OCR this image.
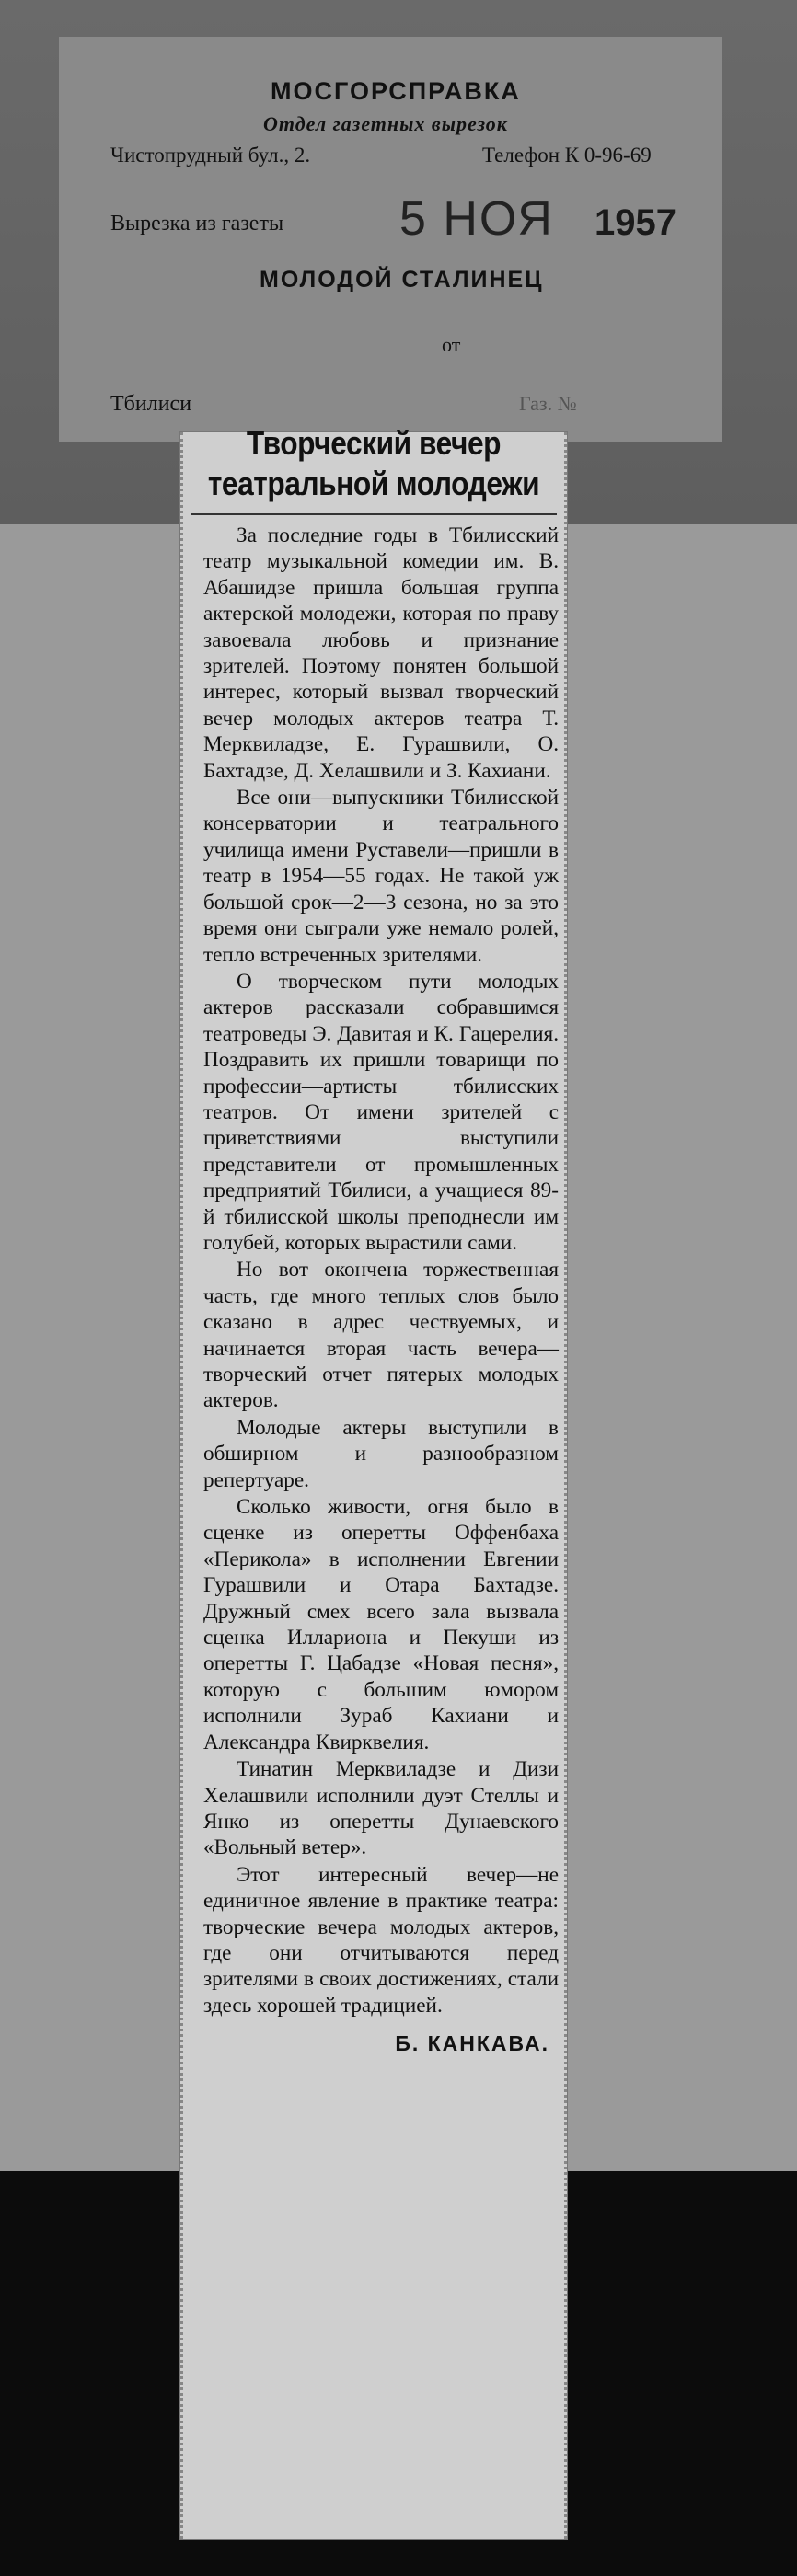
МОСГОРСПРАВКА
Отдел газетных вырезок
Чистопрудный бул., 2.	Телефон К 0-96-69
Вырезка из газеты 5 НОЯ 1957
МОЛОДОЙ СТАЛИНЕЦ
от
Тбилиси	Газ. №
Творческий вечер
театральной молодежи

За последние годы в Тбилисский театр музыкальной комедии им. В. Абашидзе пришла большая группа актерской молодежи, которая по праву завоевала любовь и признание зрителей. Поэтому понятен большой интерес, который вызвал творческий вечер молодых актеров театра Т. Мерквиладзе, Е. Гурашвили, О. Бахтадзе, Д. Хелашвили и З. Кахиани.

Все они—выпускники Тбилисской консерватории и театрального училища имени Руставели—пришли в театр в 1954—55 годах. Не такой уж большой срок—2—3 сезона, но за это время они сыграли уже немало ролей, тепло встреченных зрителями.

О творческом пути молодых актеров рассказали собравшимся театроведы Э. Давитая и К. Гацерелия. Поздравить их пришли товарищи по профессии—артисты тбилисских театров. От имени зрителей с приветствиями выступили представители от промышленных предприятий Тбилиси, а учащиеся 89-й тбилисской школы преподнесли им голубей, которых вырастили сами.

Но вот окончена торжественная часть, где много теплых слов было сказано в адрес чествуемых, и начинается вторая часть вечера—творческий отчет пятерых молодых актеров.

Молодые актеры выступили в обширном и разнообразном репертуаре.

Сколько живости, огня было в сценке из оперетты Оффенбаха «Перикола» в исполнении Евгении Гурашвили и Отара Бахтадзе. Дружный смех всего зала вызвала сценка Иллариона и Пекуши из оперетты Г. Цабадзе «Новая песня», которую с большим юмором исполнили Зураб Кахиани и Александра Квирквелия.

Тинатин Мерквиладзе и Дизи Хелашвили исполнили дуэт Стеллы и Янко из оперетты Дунаевского «Вольный ветер».

Этот интересный вечер—не единичное явление в практике театра: творческие вечера молодых актеров, где они отчитываются перед зрителями в своих достижениях, стали здесь хорошей традицией.

Б. КАНКАВА.
